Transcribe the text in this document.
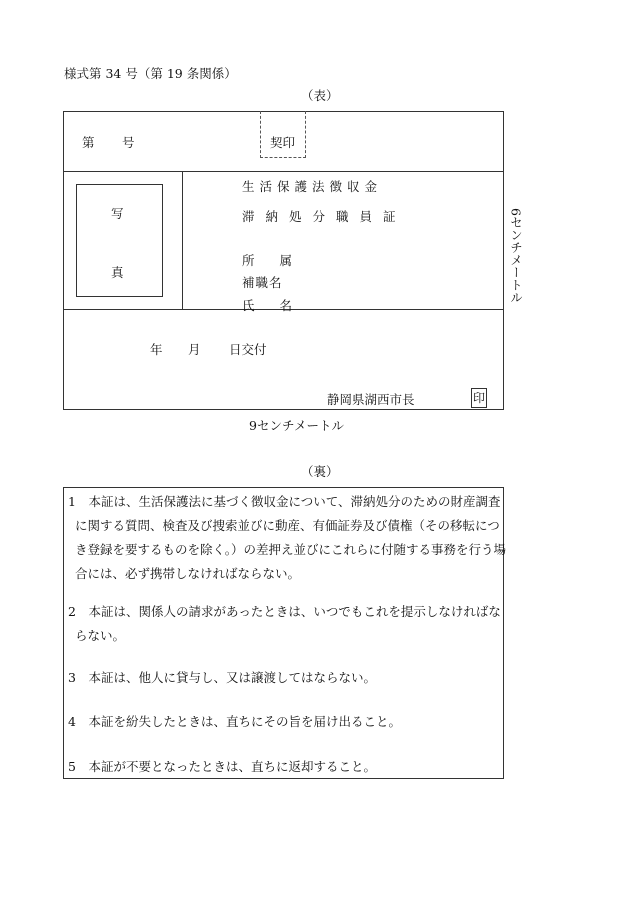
様式第 34 号（第 19 条関係）
（表）
第 号	契印
写
真
生活保護法徴収金
滞納処分職員証
所属
補職名
氏名
年 月 日交付
静岡県湖西市長	印
6センチメートル
9センチメートル
（裏）
1　 本証は、生活保護法に基づく徴収金について、滞納処分のための財産調査に関する質問、検査及び捜索並びに動産、有価証券及び債権（その移転につき登録を要するものを除く。）の差押え並びにこれらに付随する事務を行う場合には、必ず携帯しなければならない。
2　 本証は、関係人の請求があったときは、いつでもこれを提示しなければならない。
3　 本証は、他人に貸与し、又は譲渡してはならない。
4　 本証を紛失したときは、直ちにその旨を届け出ること。
5　 本証が不要となったときは、直ちに返却すること。
